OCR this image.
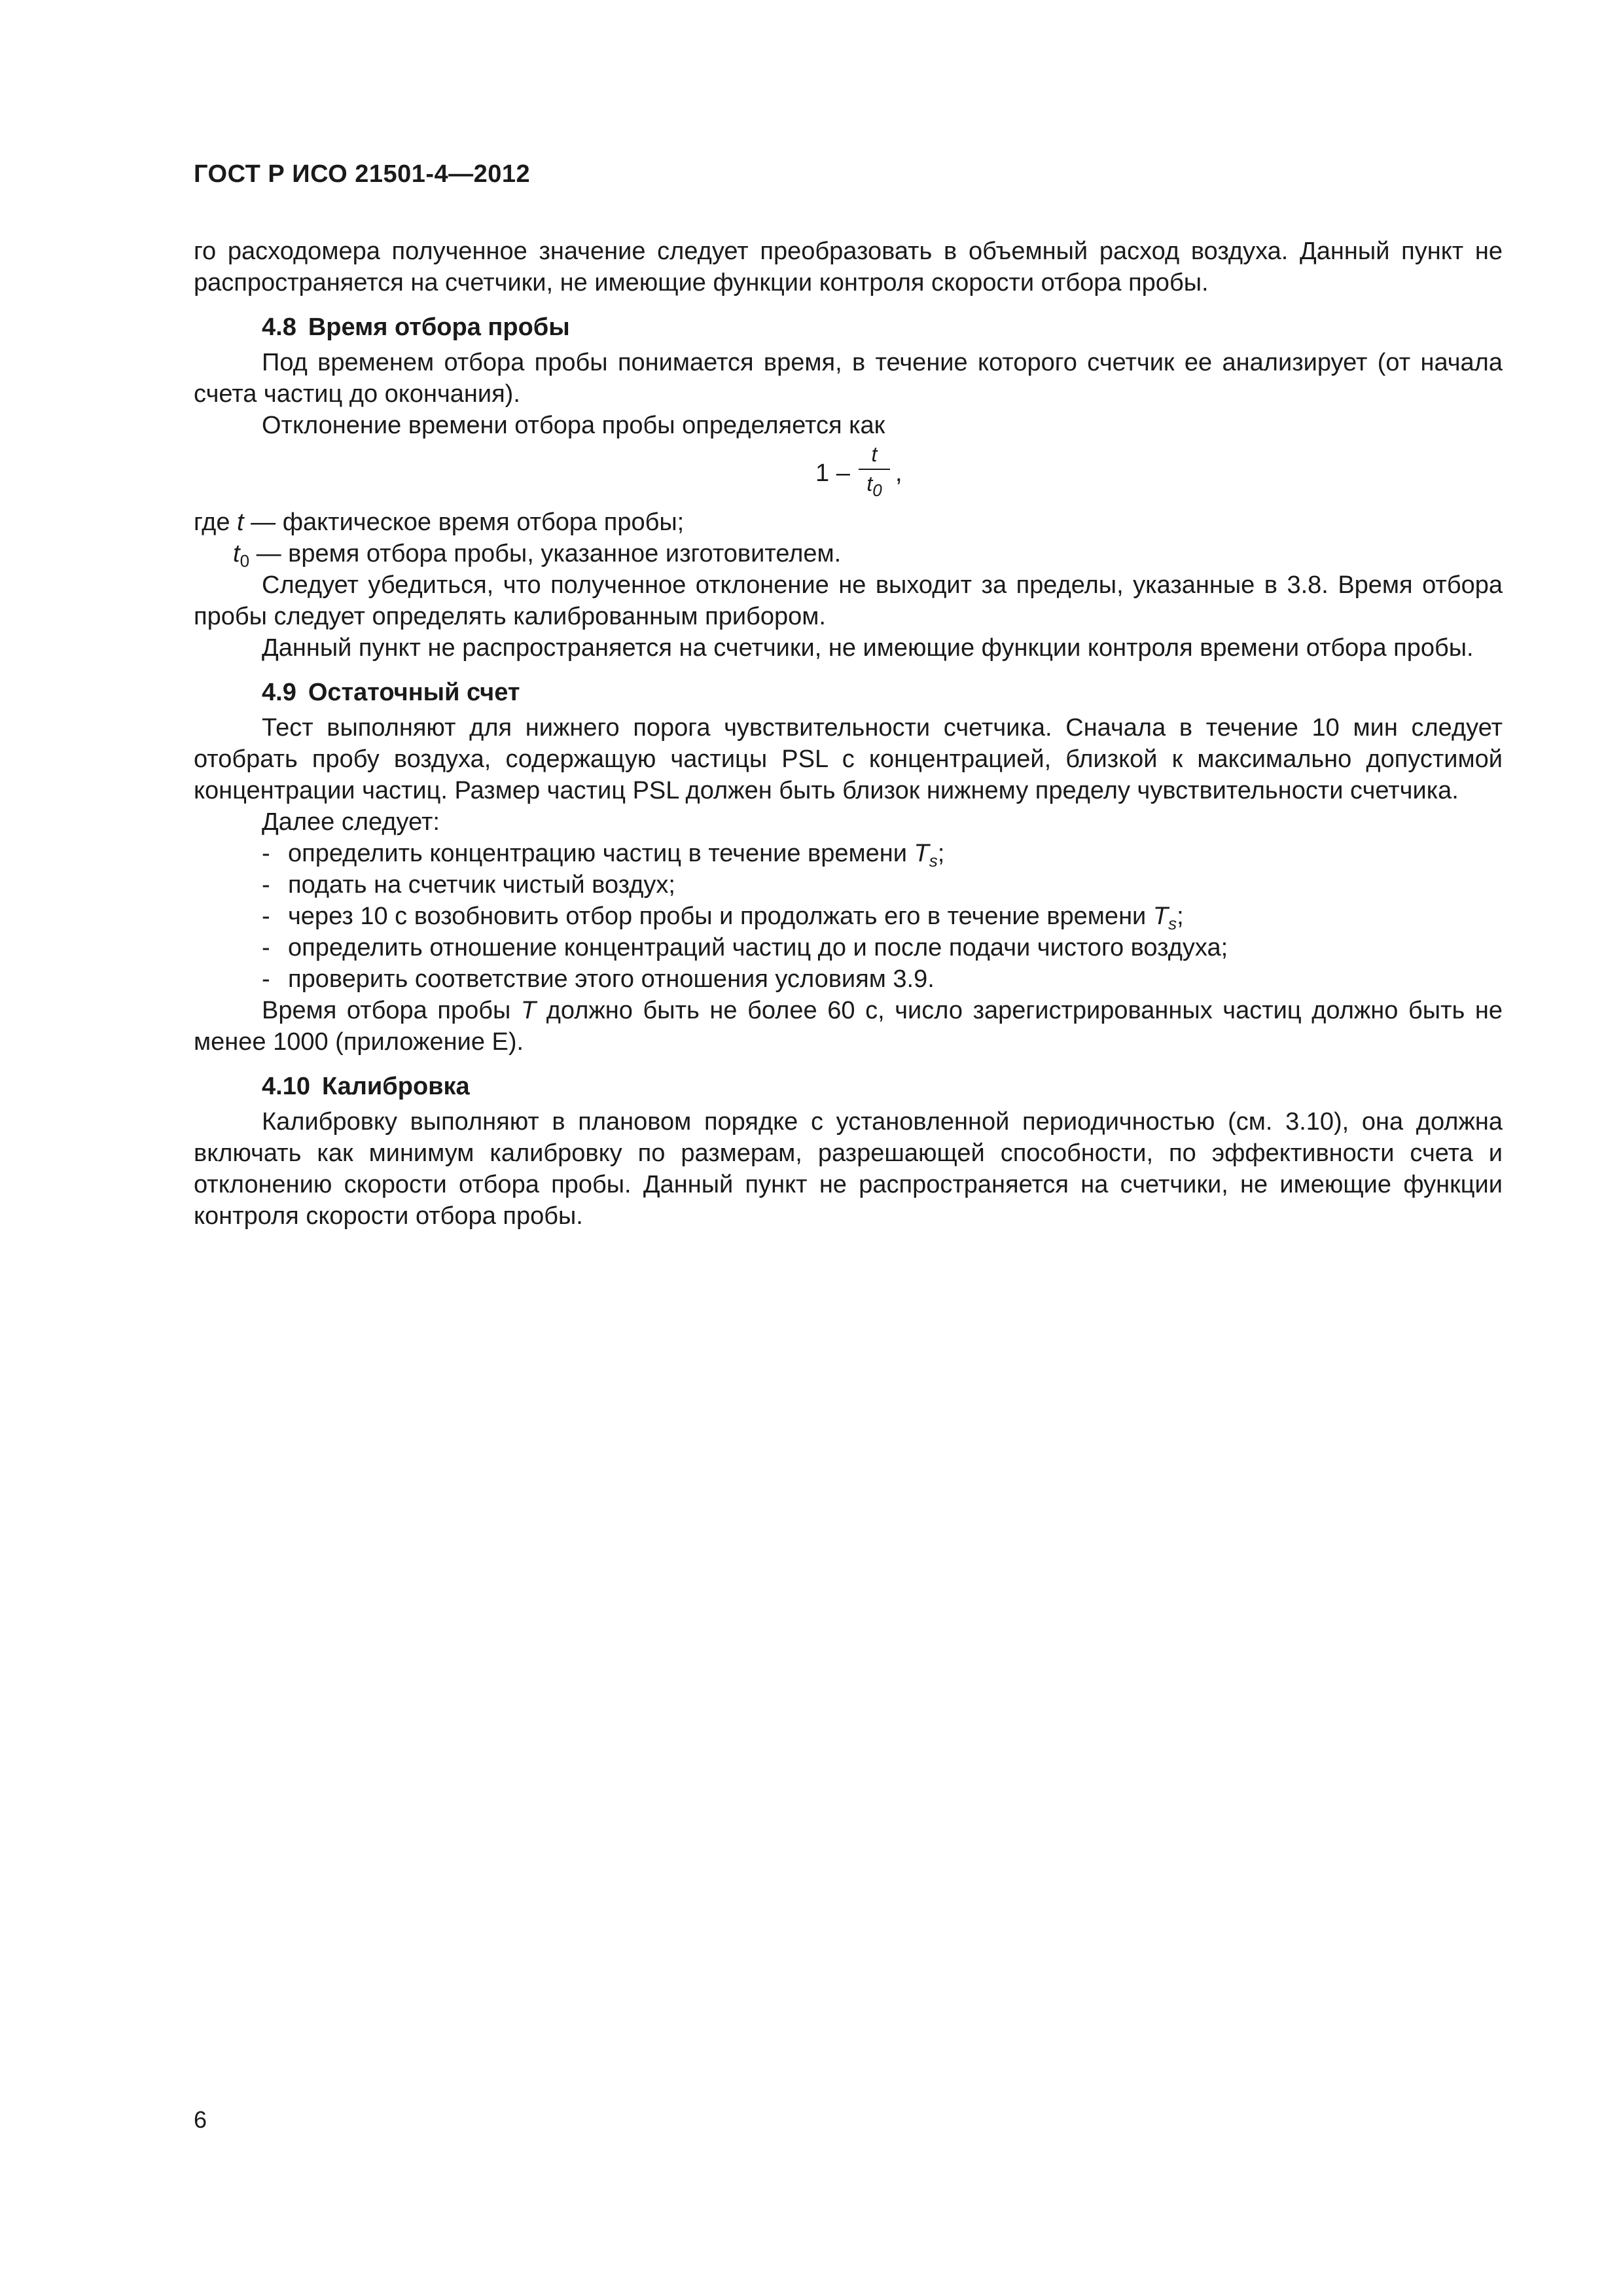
ГОСТ Р ИСО 21501-4—2012

го расходомера полученное значение следует преобразовать в объемный расход воздуха. Данный пункт не распространяется на счетчики, не имеющие функции контроля скорости отбора пробы.

4.8 Время отбора пробы

Под временем отбора пробы понимается время, в течение которого счетчик ее анализирует (от начала счета частиц до окончания).

Отклонение времени отбора пробы определяется как

1 –
t
$t_0$
,
где t — фактическое время отбора пробы;
$t_0$ — время отбора пробы, указанное изготовителем.

Следует убедиться, что полученное отклонение не выходит за пределы, указанные в 3.8. Время отбора пробы следует определять калиброванным прибором.

Данный пункт не распространяется на счетчики, не имеющие функции контроля времени отбора пробы.

4.9 Остаточный счет

Тест выполняют для нижнего порога чувствительности счетчика. Сначала в течение 10 мин следует отобрать пробу воздуха, содержащую частицы PSL с концентрацией, близкой к максимально допустимой концентрации частиц. Размер частиц PSL должен быть близок нижнему пределу чувствительности счетчика.

Далее следует:

- определить концентрацию частиц в течение времени $T_s$;

- подать на счетчик чистый воздух;

- через 10 с возобновить отбор пробы и продолжать его в течение времени $T_s$;

- определить отношение концентраций частиц до и после подачи чистого воздуха;

- проверить соответствие этого отношения условиям 3.9.

Время отбора пробы T должно быть не более 60 с, число зарегистрированных частиц должно быть не менее 1000 (приложение Е).

4.10 Калибровка

Калибровку выполняют в плановом порядке с установленной периодичностью (см. 3.10), она должна включать как минимум калибровку по размерам, разрешающей способности, по эффективности счета и отклонению скорости отбора пробы. Данный пункт не распространяется на счетчики, не имеющие функции контроля скорости отбора пробы.

6
